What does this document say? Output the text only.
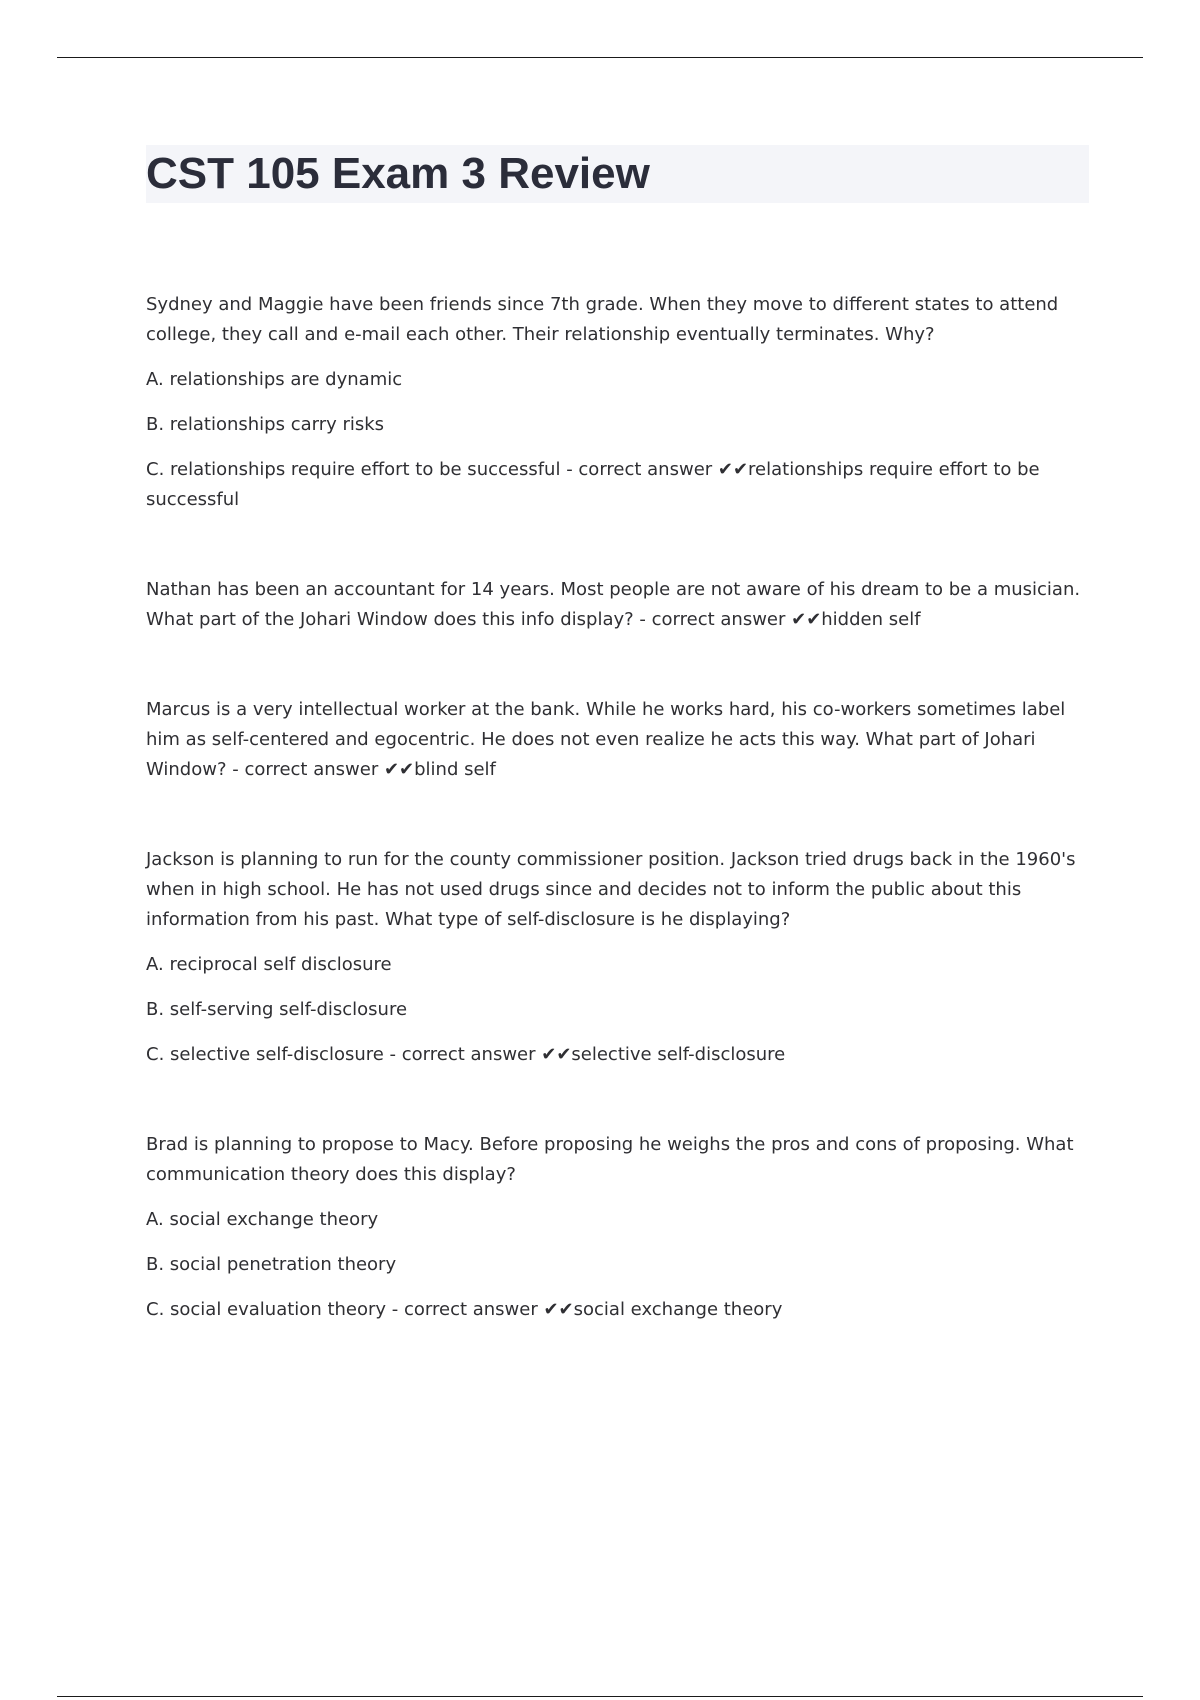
CST 105 Exam 3 Review

Sydney and Maggie have been friends since 7th grade. When they move to different states to attend college, they call and e-mail each other. Their relationship eventually terminates. Why?

A. relationships are dynamic

B. relationships carry risks

C. relationships require effort to be successful - correct answer ✔✔relationships require effort to be successful

Nathan has been an accountant for 14 years. Most people are not aware of his dream to be a musician. What part of the Johari Window does this info display? - correct answer ✔✔hidden self

Marcus is a very intellectual worker at the bank. While he works hard, his co-workers sometimes label him as self-centered and egocentric. He does not even realize he acts this way. What part of Johari Window? - correct answer ✔✔blind self

Jackson is planning to run for the county commissioner position. Jackson tried drugs back in the 1960's when in high school. He has not used drugs since and decides not to inform the public about this information from his past. What type of self-disclosure is he displaying?

A. reciprocal self disclosure

B. self-serving self-disclosure

C. selective self-disclosure - correct answer ✔✔selective self-disclosure

Brad is planning to propose to Macy. Before proposing he weighs the pros and cons of proposing. What communication theory does this display?

A. social exchange theory

B. social penetration theory

C. social evaluation theory - correct answer ✔✔social exchange theory
